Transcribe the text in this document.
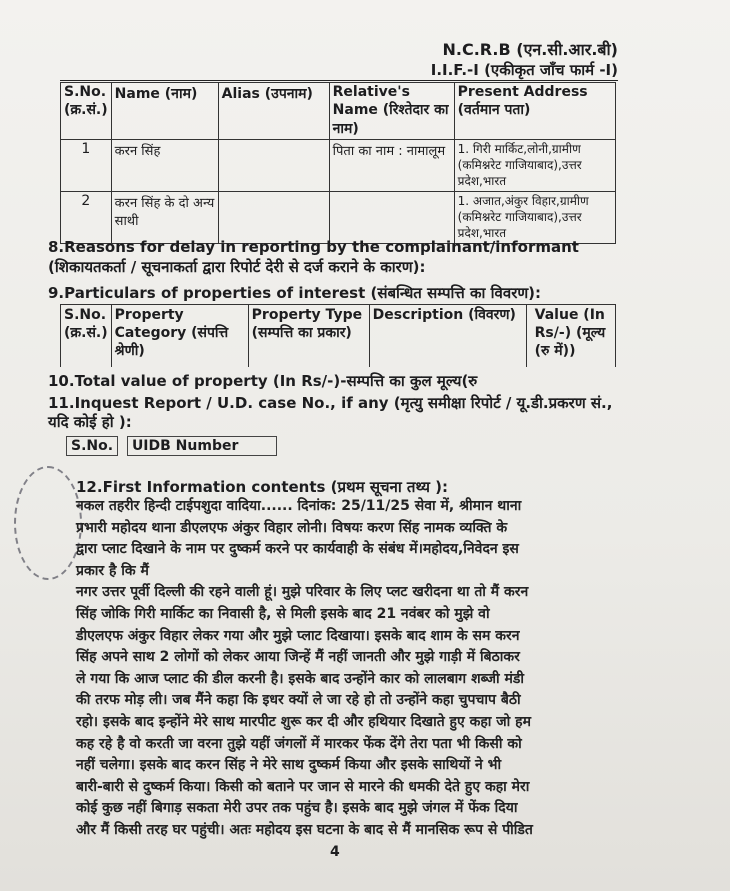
N.C.R.B (एन.सी.आर.बी)
I.I.F.-I (एकीकृत जाँच फार्म -I)
S.No. (क्र.सं.)	Name (नाम)	Alias (उपनाम)	Relative's Name (रिश्तेदार का नाम)	Present Address (वर्तमान पता)
1	करन सिंह		पिता का नाम : नामालूम	1. गिरी मार्किट,लोनी,ग्रामीण (कमिश्नरेट गाजियाबाद),उत्तर प्रदेश,भारत
2	करन सिंह के दो अन्य साथी			1. अजात,अंकुर विहार,ग्रामीण (कमिश्नरेट गाजियाबाद),उत्तर प्रदेश,भारत
8.Reasons for delay in reporting by the complainant/informant
(शिकायतकर्ता / सूचनाकर्ता द्वारा रिपोर्ट देरी से दर्ज कराने के कारण):
9.Particulars of properties of interest (संबन्धित सम्पत्ति का विवरण):
S.No. (क्र.सं.)	Property Category (संपत्ति श्रेणी)	Property Type (सम्पत्ति का प्रकार)	Description (विवरण)	Value (In Rs/-) (मूल्य (रु में))
10.Total value of property (In Rs/-)-सम्पत्ति का कुल मूल्य(रु
11.Inquest Report / U.D. case No., if any (मृत्यु समीक्षा रिपोर्ट / यू.डी.प्रकरण सं., यदि कोई हो ):
S.No. UIDB Number
12.First Information contents (प्रथम सूचना तथ्य ):

नकल तहरीर हिन्दी टाईपशुदा वादिया...... दिनांक: 25/11/25 सेवा में, श्रीमान थाना

प्रभारी महोदय थाना डीएलएफ अंकुर विहार लोनी। विषयः करण सिंह नामक व्यक्ति के

द्वारा प्लाट दिखाने के नाम पर दुष्कर्म करने पर कार्यवाही के संबंध में।महोदय,निवेदन इस

प्रकार है कि मैं

नगर उत्तर पूर्वी दिल्ली की रहने वाली हूं। मुझे परिवार के लिए प्लट खरीदना था तो मैं करन

सिंह जोकि गिरी मार्किट का निवासी है, से मिली इसके बाद 21 नवंबर को मुझे वो

डीएलएफ अंकुर विहार लेकर गया और मुझे प्लाट दिखाया। इसके बाद शाम के सम करन

सिंह अपने साथ 2 लोगों को लेकर आया जिन्हें मैं नहीं जानती और मुझे गाड़ी में बिठाकर

ले गया कि आज प्लाट की डील करनी है। इसके बाद उन्होंने कार को लालबाग शब्जी मंडी

की तरफ मोड़ ली। जब मैंने कहा कि इधर क्यों ले जा रहे हो तो उन्होंने कहा चुपचाप बैठी

रहो। इसके बाद इन्होंने मेरे साथ मारपीट शुरू कर दी और हथियार दिखाते हुए कहा जो हम

कह रहे है वो करती जा वरना तुझे यहीं जंगलों में मारकर फेंक देंगे तेरा पता भी किसी को

नहीं चलेगा। इसके बाद करन सिंह ने मेरे साथ दुष्कर्म किया और इसके साथियों ने भी

बारी-बारी से दुष्कर्म किया। किसी को बताने पर जान से मारने की धमकी देते हुए कहा मेरा

कोई कुछ नहीं बिगाड़ सकता मेरी उपर तक पहुंच है। इसके बाद मुझे जंगल में फेंक दिया

और मैं किसी तरह घर पहुंची। अतः महोदय इस घटना के बाद से मैं मानसिक रूप से पीडित

4
